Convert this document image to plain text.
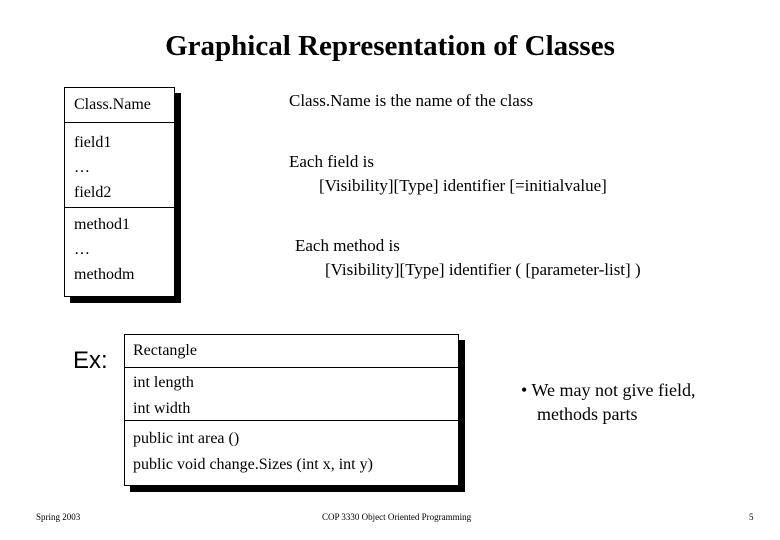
Graphical Representation of Classes
Class.Name
field1
…
field2
method1
…
methodm
Class.Name is the name of the class
Each field is
[Visibility][Type] identifier [=initialvalue]
Each method is
[Visibility][Type] identifier ( [parameter-list] )
Ex: Rectangle
int length
int width
public int area ()
public void change.Sizes (int x, int y)
• We may not give field,
methods parts
Spring 2003	COP 3330 Object Oriented Programming	5
